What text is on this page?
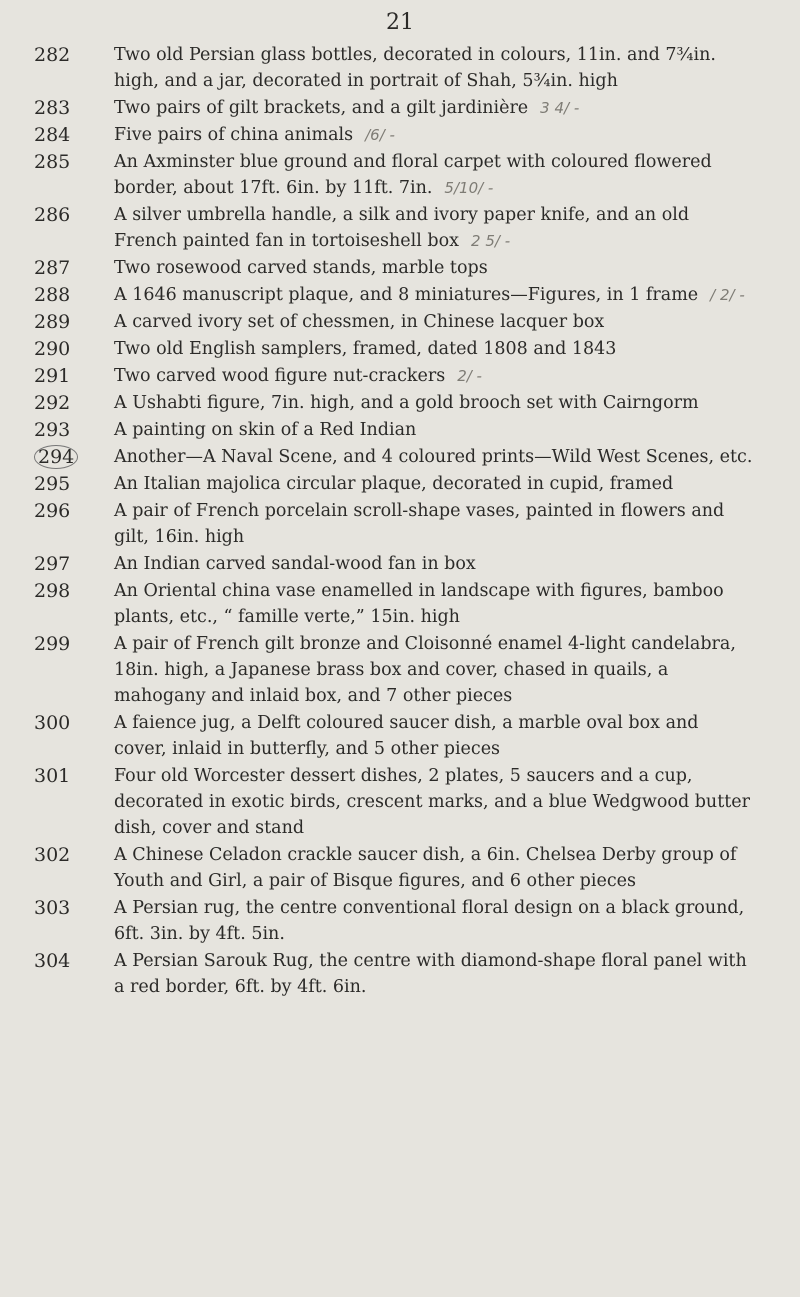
21
282	Two old Persian glass bottles, decorated in colours, 11in. and 7¾in. high, and a jar, decorated in portrait of Shah, 5¾in. high
283	Two pairs of gilt brackets, and a gilt jardinière 3 4/ -
284	Five pairs of china animals /6/ -
285	An Axminster blue ground and floral carpet with coloured flowered border, about 17ft. 6in. by 11ft. 7in. 5/10/ -
286	A silver umbrella handle, a silk and ivory paper knife, and an old French painted fan in tortoiseshell box 2 5/ -
287	Two rosewood carved stands, marble tops
288	A 1646 manuscript plaque, and 8 miniatures—Figures, in 1 frame / 2/ -
289	A carved ivory set of chessmen, in Chinese lacquer box
290	Two old English samplers, framed, dated 1808 and 1843
291	Two carved wood figure nut-crackers 2/ -
292	A Ushabti figure, 7in. high, and a gold brooch set with Cairngorm
293	A painting on skin of a Red Indian
294	Another—A Naval Scene, and 4 coloured prints—Wild West Scenes, etc.
295	An Italian majolica circular plaque, decorated in cupid, framed
296	A pair of French porcelain scroll-shape vases, painted in flowers and gilt, 16in. high
297	An Indian carved sandal-wood fan in box
298	An Oriental china vase enamelled in landscape with figures, bamboo plants, etc., “ famille verte,” 15in. high
299	A pair of French gilt bronze and Cloisonné enamel 4-light candelabra, 18in. high, a Japanese brass box and cover, chased in quails, a mahogany and inlaid box, and 7 other pieces
300	A faience jug, a Delft coloured saucer dish, a marble oval box and cover, inlaid in butterfly, and 5 other pieces
301	Four old Worcester dessert dishes, 2 plates, 5 saucers and a cup, decorated in exotic birds, crescent marks, and a blue Wedgwood butter dish, cover and stand
302	A Chinese Celadon crackle saucer dish, a 6in. Chelsea Derby group of Youth and Girl, a pair of Bisque figures, and 6 other pieces
303	A Persian rug, the centre conventional floral design on a black ground, 6ft. 3in. by 4ft. 5in.
304	A Persian Sarouk Rug, the centre with diamond-shape floral panel with a red border, 6ft. by 4ft. 6in.
